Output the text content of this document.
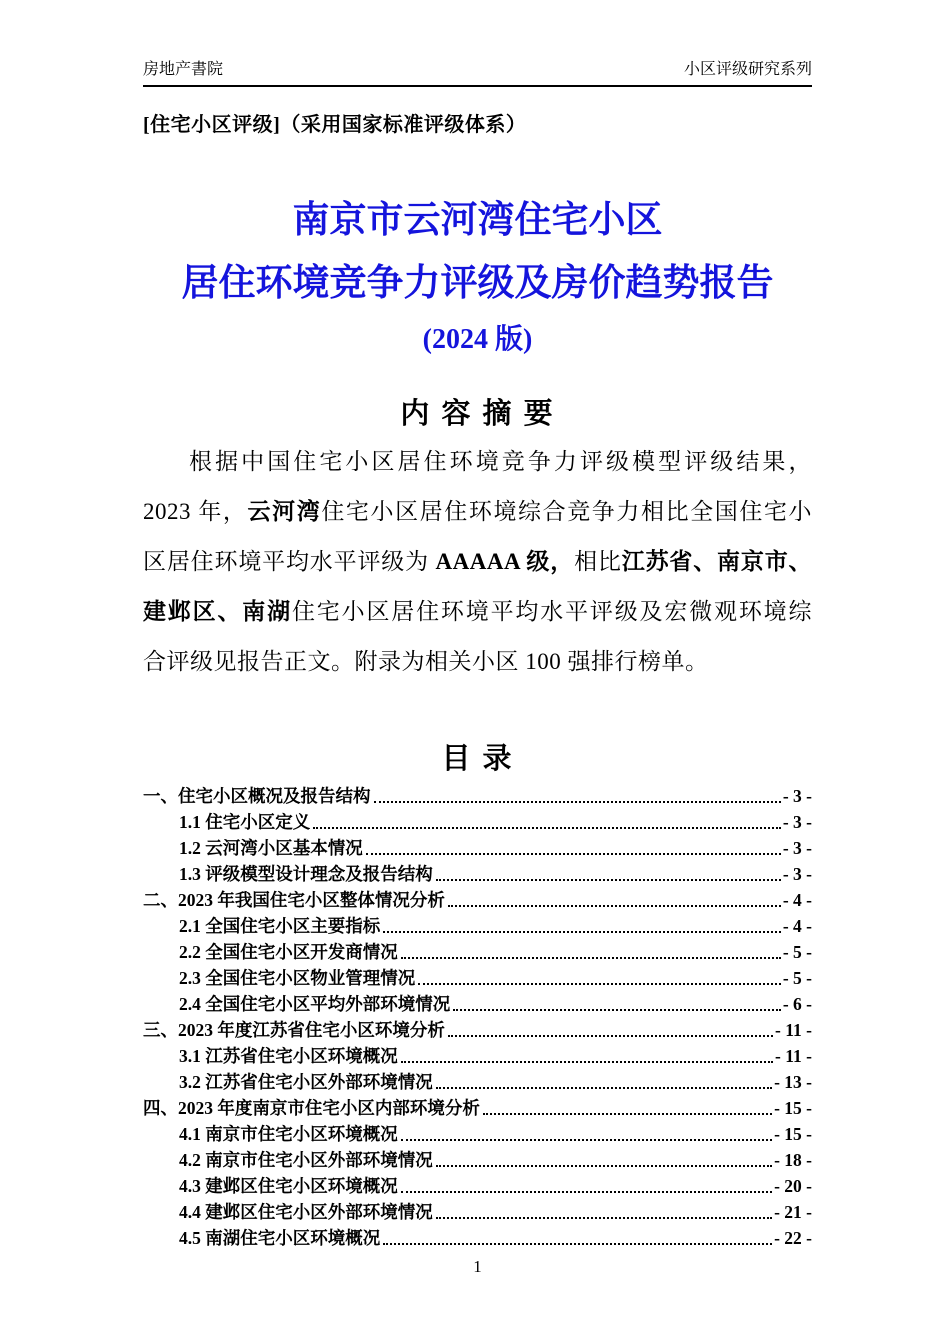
房地产書院	小区评级研究系列
[住宅小区评级]（采用国家标准评级体系）
南京市云河湾住宅小区
居住环境竞争力评级及房价趋势报告
(2024 版)
内 容 摘 要
根据中国住宅小区居住环境竞争力评级模型评级结果，
2023 年，云河湾住宅小区居住环境综合竞争力相比全国住宅小
区居住环境平均水平评级为 AAAAA 级，相比江苏省、南京市、
建邺区、南湖住宅小区居住环境平均水平评级及宏微观环境综
合评级见报告正文。附录为相关小区 100 强排行榜单。
目 录
一、住宅小区概况及报告结构	- 3 -
1.1 住宅小区定义	- 3 -
1.2 云河湾小区基本情况	- 3 -
1.3 评级模型设计理念及报告结构	- 3 -
二、2023 年我国住宅小区整体情况分析	- 4 -
2.1 全国住宅小区主要指标	- 4 -
2.2 全国住宅小区开发商情况	- 5 -
2.3 全国住宅小区物业管理情况	- 5 -
2.4 全国住宅小区平均外部环境情况	- 6 -
三、2023 年度江苏省住宅小区环境分析	- 11 -
3.1 江苏省住宅小区环境概况	- 11 -
3.2 江苏省住宅小区外部环境情况	- 13 -
四、2023 年度南京市住宅小区内部环境分析	- 15 -
4.1 南京市住宅小区环境概况	- 15 -
4.2 南京市住宅小区外部环境情况	- 18 -
4.3 建邺区住宅小区环境概况	- 20 -
4.4 建邺区住宅小区外部环境情况	- 21 -
4.5 南湖住宅小区环境概况	- 22 -
1
